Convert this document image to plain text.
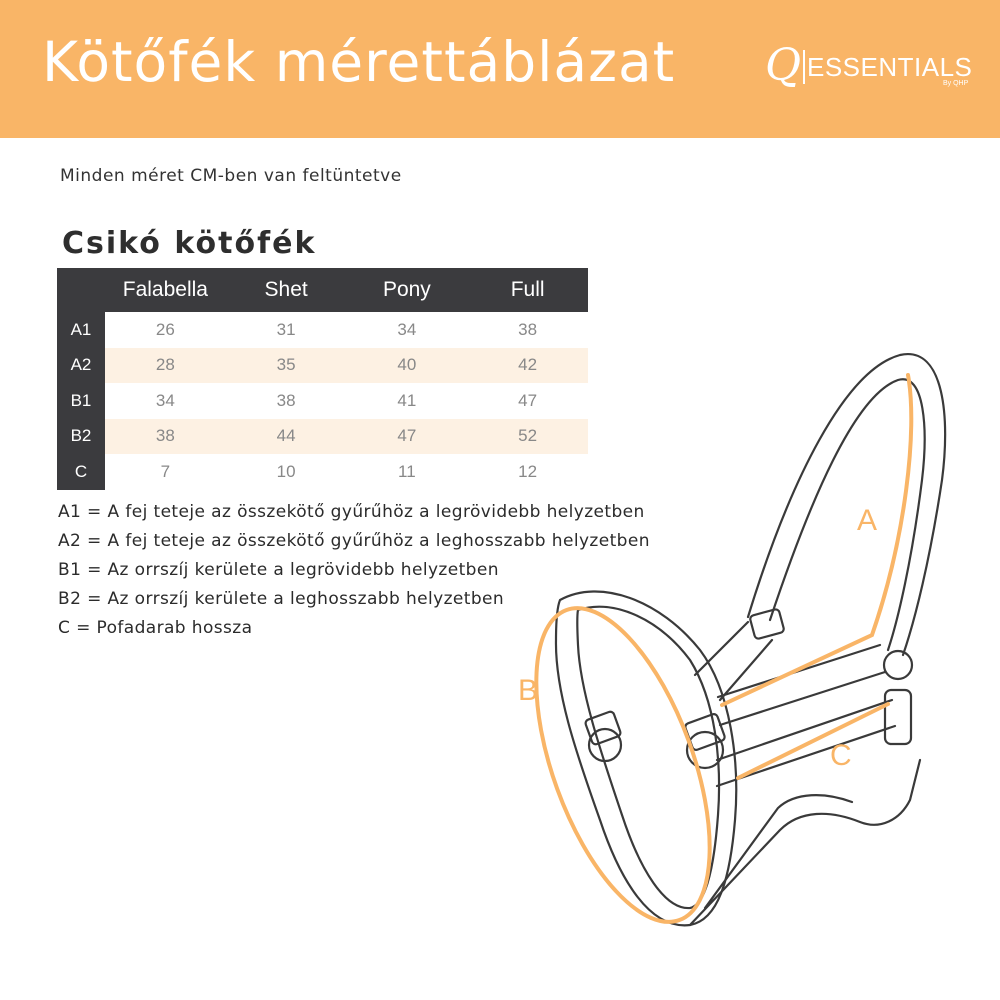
Kötőfék mérettáblázat Q ESSENTIALS
By QHP
Minden méret CM-ben van feltüntetve
Csikó kötőfék
	Falabella	Shet	Pony	Full
A1	26	31	34	38
A2	28	35	40	42
B1	34	38	41	47
B2	38	44	47	52
C	7	10	11	12
A1 = A fej teteje az összekötő gyűrűhöz a legrövidebb helyzetben
A2 = A fej teteje az összekötő gyűrűhöz a leghosszabb helyzetben
B1 = Az orrszíj kerülete a legrövidebb helyzetben
B2 = Az orrszíj kerülete a leghosszabb helyzetben
C = Pofadarab hossza
A
B
C
